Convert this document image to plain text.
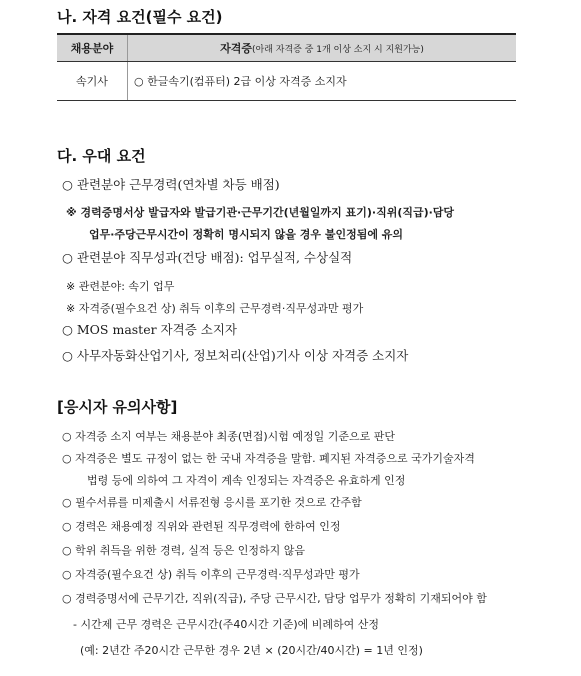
나. 자격 요건(필수 요건)
채용분야	자격증(아래 자격증 중 1개 이상 소지 시 지원가능)
속기사	○ 한글속기(컴퓨터) 2급 이상 자격증 소지자
다. 우대 요건
○ 관련분야 근무경력(연차별 차등 배점)
※ 경력증명서상 발급자와 발급기관·근무기간(년월일까지 표기)·직위(직급)·담당
업무·주당근무시간이 정확히 명시되지 않을 경우 불인정됨에 유의
○ 관련분야 직무성과(건당 배점): 업무실적, 수상실적
※ 관련분야: 속기 업무
※ 자격증(필수요건 상) 취득 이후의 근무경력·직무성과만 평가
○ MOS master 자격증 소지자
○ 사무자동화산업기사, 정보처리(산업)기사 이상 자격증 소지자
[응시자 유의사항]
○ 자격증 소지 여부는 채용분야 최종(면접)시험 예정일 기준으로 판단
○ 자격증은 별도 규정이 없는 한 국내 자격증을 말함. 폐지된 자격증으로 국가기술자격
법령 등에 의하여 그 자격이 계속 인정되는 자격증은 유효하게 인정
○ 필수서류를 미제출시 서류전형 응시를 포기한 것으로 간주함
○ 경력은 채용예정 직위와 관련된 직무경력에 한하여 인정
○ 학위 취득을 위한 경력, 실적 등은 인정하지 않음
○ 자격증(필수요건 상) 취득 이후의 근무경력·직무성과만 평가
○ 경력증명서에 근무기간, 직위(직급), 주당 근무시간, 담당 업무가 정확히 기재되어야 함
- 시간제 근무 경력은 근무시간(주40시간 기준)에 비례하여 산정
(예: 2년간 주20시간 근무한 경우 2년 × (20시간/40시간) = 1년 인정)
